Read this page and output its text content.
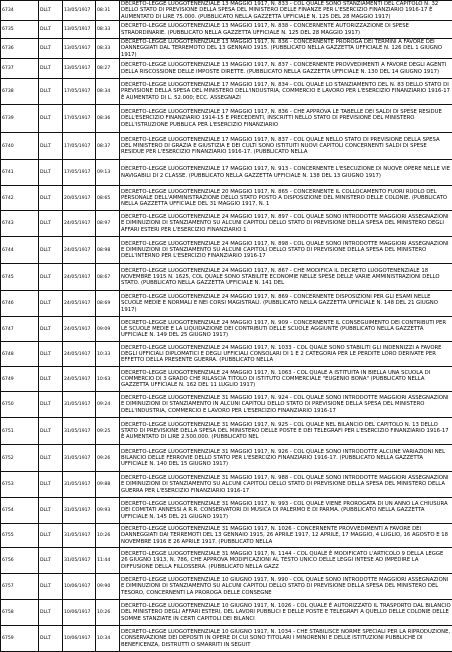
6734	DLLT	13/05/1917	08:31	DECRETO-LEGGE LUOGOTENENZIALE 13 MAGGIO 1917, N. 833 - COL QUALE SONO STANZIAMENTI DEL CAPITOLO N. 32 DELLO STATO DI PREVISIONE DELLA SPESA DEL MINISTERO DELLE FINANZE PER L'ESERCIZIO FINANZIARIO 1916-17 È AUMENTATO DI LIRE 75.000. (PUBBLICATO NELLA GAZZETTA UFFICIALE N. 125 DEL 28 MAGGIO 1917)
6735	DLLT	13/05/1917	08:33	DECRETO-LEGGE LUOGOTENENZIALE 13 MAGGIO 1917, N. 838 - CONCERNENTE AUTORIZZAZIONE DI SPESE STRAORDINARIE. (PUBBLICATO NELLA GAZZETTA UFFICIALE N. 125 DEL 28 MAGGIO 1917)
6736	DLLT	13/05/1917	08:33	DECRETO-LEGGE LUOGOTENENZIALE 13 MAGGIO 1917, N. 836 - CONCERNENTE PROROGA DEI TERMINI A FAVORE DEI DANNEGGIATI DAL TERREMOTO DEL 13 GENNAIO 1915. (PUBBLICATO NELLA GAZZETTA UFFICIALE N. 126 DEL 1 GIUGNO 1917)
6737	DLLT	13/05/1917	08:27	DECRETO-LEGGE LUOGOTENENZIALE 13 MAGGIO 1917, N. 837 - CONCERNENTE PROVVEDIMENTI A FAVORE DEGLI AGENTI DELLA RISCOSSIONE DELLE IMPOSTE DIRETTE. (PUBBLICATO NELLA GAZZETTA UFFICIALE N. 130 DEL 14 GIUGNO 1917)
6738	DLLT	17/05/1917	08:34	DECRETO-LEGGE LUOGOTENENZIALE 17 MAGGIO 1917, N. 834 - COL QUALE LO STANZIAMENTO DEL N. 83 DELLO STATO DI PREVISIONE DELLA SPESA DEL MINISTERO DELL'INDUSTRIA, COMMERCIO E LAVORO PER L'ESERCIZIO FINANZIARIO 1916-17 È AUMENTATO DI L. 52.000; ECC. ASSEGNAZI
6739	DLLT	17/05/1917	08:36	DECRETO-LEGGE LUOGOTENENZIALE 17 MAGGIO 1917, N. 836 - CHE APPROVA LE TABELLE DEI SALDI DI SPESE RESIDUE DELL'ESERCIZIO FINANZIARIO 1914-15 E PRECEDENTI, INSCRITTI NELLO STATO DI PREVISIONE DEL MINISTERO DELL'ISTRUZIONE PUBBLICA PER L'ESERCIZIO FINANZIARIO
6740	DLLT	17/05/1917	08:37	DECRETO-LEGGE LUOGOTENENZIALE 17 MAGGIO 1917, N. 837 - COL QUALE NELLO STATO DI PREVISIONE DELLA SPESA DEL MINISTERO DI GRAZIA E GIUSTIZIA E DEI CULTI SONO ISTITUITI NUOVI CAPITOLI CONCERNENTI SALDI DI SPESE RESIDUE PER L'ESERCIZIO FINANZIARIO 1916-17. (PUBBLICATO NELLA
6741	DLLT	17/05/1917	09:13	DECRETO-LEGGE LUOGOTENENZIALE 17 MAGGIO 1917, N. 913 - CONCERNENTE L'ESECUZIONE DI NUOVE OPERE NELLE VIE NAVIGABILI DI 2 CLASSE. (PUBBLICATO NELLA GAZZETTA UFFICIALE N. 138 DEL 13 GIUGNO 1917)
6742	DLLT	20/05/1917	08:65	DECRETO-LEGGE LUOGOTENENZIALE 20 MAGGIO 1917, N. 865 - CONCERNENTE IL COLLOCAMENTO FUORI RUOLO DEL PERSONALE DELL'AMMINISTRAZIONE DELLO STATO POSTO A DISPOSIZIONE DEL MINISTERO DELLE COLONIE. (PUBBLICATO NELLA GAZZETTA UFFICIALE DEL 31 MAGGIO 1917, N. 1
6743	DLLT	24/05/1917	08:97	DECRETO-LEGGE LUOGOTENENZIALE 24 MAGGIO 1917, N. 897 - COL QUALE SONO INTRODOTTE MAGGIORI ASSEGNAZIONI E DIMINUZIONI DI STANZIAMENTO SU ALCUNI CAPITOLI DELLO STATO DI PREVISIONE DELLA SPESA DEL MINISTERO DEGLI AFFARI ESTERI PER L'ESERCIZIO FINANZIARIO 1
6744	DLLT	24/05/1917	08:98	DECRETO-LEGGE LUOGOTENENZIALE 24 MAGGIO 1917, N. 898 - COL QUALE SONO INTRODOTTE MAGGIORI ASSEGNAZIONI E DIMINUZIONI DI STANZIAMENTO SU ALCUNI CAPITOLI DELLO STATO DI PREVISIONE DELLA SPESA DEL MINISTERO DELL'INTERNO PER L'ESERCIZIO FINANZIARIO 1916-17
6745	DLLT	24/05/1917	08:67	DECRETO-LEGGE LUOGOTENENZIALE 24 MAGGIO 1917, N. 867 - CHE MODIFICA IL DECRETO LUOGOTENENZIALE 18 NOVEMBRE 1915 N. 1625, COL QUALE SONO STABILITE ECONOMIE NELLE SPESE DELLE VARIE AMMINISTRAZIONI DELLO STATO. (PUBBLICATO NELLA GAZZETTA UFFICIALE N. 141 DEL
6746	DLLT	24/05/1917	08:69	DECRETO-LEGGE LUOGOTENENZIALE 24 MAGGIO 1917, N. 869 - CONCERNENTE DISPOSIZIONI PER GLI ESAMI NELLE SCUOLE MEDIE E NORMALI E NEI CORSI MAGISTRALI. (PUBBLICATO NELLA GAZZETTA UFFICIALE N. 148 DEL 21 GIUGNO 1917)
6747	DLLT	24/05/1917	09:09	DECRETO-LEGGE LUOGOTENENZIALE 24 MAGGIO 1917, N. 909 - CONCERNENTE IL CONSEGUIMENTO DEI CONTRIBUTI PER LE SCUOLE MEDIE E LA LIQUIDAZIONE DEI CONTRIBUTI DELLE SCUOLE AGGIUNTE (PUBBLICATO NELLA GAZZETTA UFFICIALE N. 149 DEL 25 GIUGNO 1917)
6748	DLLT	24/05/1917	10:33	DECRETO-LEGGE LUOGOTENENZIALE 24 MAGGIO 1917, N. 1033 - COL QUALE SONO STABILITI GLI INDENNIZZI A FAVORE DEGLI UFFICIALI DIPLOMATICI E DEGLI UFFICIALI CONSOLARI DI 1 E 2 CATEGORIA PER LE PERDITE LORO DERIVATE PER EFFETTO DELLA PRESENTE GUERRA. (PUBBLICATO NELLA
6749	DLLT	24/05/1917	10:63	DECRETO-LEGGE LUOGOTENENZIALE 24 MAGGIO 1917, N. 1063 - COL QUALE A ISTITUITA IN BIELLA UNA SCUOLA DI COMMERCIO DI 3 GRADO CHE RILASCIA TITOLO DI ISTITUTO COMMERCIALE "EUGENIO BONA" (PUBBLICATO NELLA GAZZETTA UFFICIALE N. 162 DEL 11 LUGLIO 1917)
6750	DLLT	31/05/1917	09:24	DECRETO-LEGGE LUOGOTENENZIALE 31 MAGGIO 1917, N. 924 - COL QUALE SONO INTRODOTTE MAGGIORI ASSEGNAZIONI E DIMINUZIONI DI STANZIAMENTO IN ALCUNI CAPITOLI DELLO STATO DI PREVISIONE DELLA SPESA DEL MINISTERO DELL'INDUSTRIA, COMMERCIO E LAVORO PER L'ESERCIZIO FINANZIARIO 1916-17
6751	DLLT	31/05/1917	09:25	DECRETO-LEGGE LUOGOTENENZIALE 31 MAGGIO 1917, N. 925 - COL QUALE NEL BILANCIO DEL CAPITOLO N. 13 DELLO STATO DI PREVISIONE DELLA SPESA DEL MINISTERO DELLE POSTE E DEI TELEGRAFI PER L'ESERCIZIO FINANZIARIO 1916-17 È AUMENTATO DI LIRE 2.500.000. (PUBBLICATO NEL
6752	DLLT	31/05/1917	09:26	DECRETO-LEGGE LUOGOTENENZIALE 31 MAGGIO 1917, N. 926 - COL QUALE SONO INTRODOTTE ALCUNE VARIAZIONI NEL BILANCIO DELLE FERROVIE DELLO STATO PER L'ESERCIZIO FINANZIARIO 1916-17. (PUBBLICATO NELLA GAZZETTA UFFICIALE N. 140 DEL 15 GIUGNO 1917)
6753	DLLT	31/05/1917	09:88	DECRETO-LEGGE LUOGOTENENZIALE 31 MAGGIO 1917, N. 988 - COL QUALE SONO INTRODOTTE MAGGIORI ASSEGNAZIONI E DIMINUZIONI DI STANZIAMENTO SU ALCUNI CAPITOLI DELLO STATO DI PREVISIONE DELLA SPESA DEL MINISTERO DELLA GUERRA PER L'ESERCIZIO FINANZIARIO 1916-17
6754	DLLT	31/05/1917	09:93	DECRETO-LEGGE LUOGOTENENZIALE 31 MAGGIO 1917, N. 993 - COL QUALE VIENE PROROGATA DI UN ANNO LA CHIUSURA DEI COMITATI ANNESSI A R.R. CONSERVATORI DI MUSICA DI PALERMO E DI PARMA. (PUBBLICATO NELLA GAZZETTA UFFICIALE N. 145 DEL 21 GIUGNO 1917)
6755	DLLT	31/05/1917	10:26	DECRETO-LEGGE LUOGOTENENZIALE 31 MAGGIO 1917, N. 1026 - CONCERNENTE PROVVEDIMENTI A FAVORE DEI DANNEGGIATI DAI TERREMOTI DEL 13 GENNAIO 1915, 26 APRILE 1917, 12 APRILE, 17 MAGGIO, 4 LUGLIO, 16 AGOSTO E 18 NOVEMBRE 1916 E 26 APRILE 1917. (PUBBLICATO NELLA
6756	DLLT	31/05/1917	11:44	DECRETO-LEGGE LUOGOTENENZIALE 31 MAGGIO 1917, N. 1144 - COL QUALE È MODIFICATO L'ARTICOLO 9 DELLA LEGGE 26 GIUGNO 1913, N. 786, CHE APPROVA MODIFICAZIONI AL TESTO UNICO DELLE LEGGI INTESE AD IMPEDIRE LA DIFFUSIONE DELLA FILLOSSERA. (PUBBLICATO NELLA GAZZ
6757	DLLT	10/06/1917	09:90	DECRETO-LEGGE LUOGOTENENZIALE 10 GIUGNO 1917, N. 990 - COL QUALE SONO INTRODOTTE MAGGIORI ASSEGNAZIONI E DIMINUZIONI DI STANZIAMENTO SU ALCUNI CAPITOLI DELLO STATO DI PREVISIONE DELLA SPESA DEL MINISTERO DEL TESORO, CONCERNENTI LA PROROGA DELLE CONSEGNE
6758	DLLT	10/06/1917	10:26	DECRETO-LEGGE LUOGOTENENZIALE 10 GIUGNO 1917, N. 1026 - COL QUALE È AUTORIZZATO IL TRASPORTO DAL BILANCIO DEL MINISTERO DEGLI AFFARI ESTERI, DEL LAVORI PUBBLICI E DELLE POSTE E TELEGRAFI A QUELLO DELLE COLONIE DELLE SOMME STANZIATE IN CERTI CAPITOLI DEI BILANCI
6759	DLLT	10/06/1917	10:34	DECRETO-LEGGE LUOGOTENENZIALE 10 GIUGNO 1917, N. 1034 - CHE STABILISCE NORME SPECIALI PER LA RIPRODUZIONE, CONSERVAZIONE DEI DEPOSITI IN OPERE DI CUI SONO TITOLARI I MINORENNI E DELLE ISTITUZIONI PUBBLICHE DI BENEFICENZA, DISTRUTTI O SMARRITI IN SEGUIT
